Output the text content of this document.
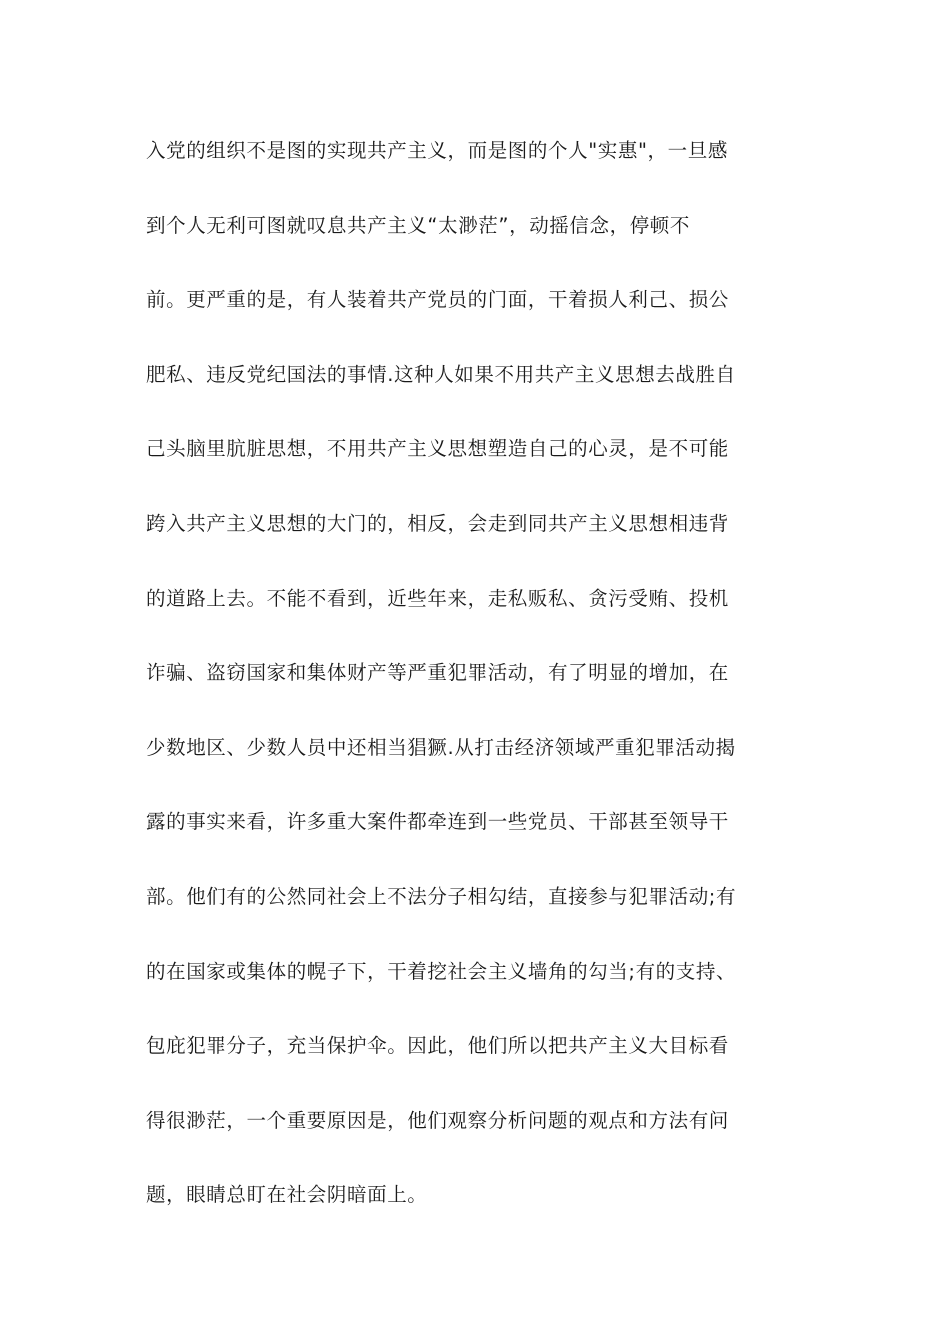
入党的组织不是图的实现共产主义，而是图的个人"实惠"，一旦感
到个人无利可图就叹息共产主义“太渺茫”，动摇信念，停顿不
前。更严重的是，有人装着共产党员的门面，干着损人利己、损公
肥私、违反党纪国法的事情.这种人如果不用共产主义思想去战胜自
己头脑里肮脏思想，不用共产主义思想塑造自己的心灵，是不可能
跨入共产主义思想的大门的，相反，会走到同共产主义思想相违背
的道路上去。不能不看到，近些年来，走私贩私、贪污受贿、投机
诈骗、盗窃国家和集体财产等严重犯罪活动，有了明显的增加，在
少数地区、少数人员中还相当猖獗.从打击经济领域严重犯罪活动揭
露的事实来看，许多重大案件都牵连到一些党员、干部甚至领导干
部。他们有的公然同社会上不法分子相勾结，直接参与犯罪活动;有
的在国家或集体的幌子下，干着挖社会主义墙角的勾当;有的支持、
包庇犯罪分子，充当保护伞。因此，他们所以把共产主义大目标看
得很渺茫，一个重要原因是，他们观察分析问题的观点和方法有问
题，眼睛总盯在社会阴暗面上。
